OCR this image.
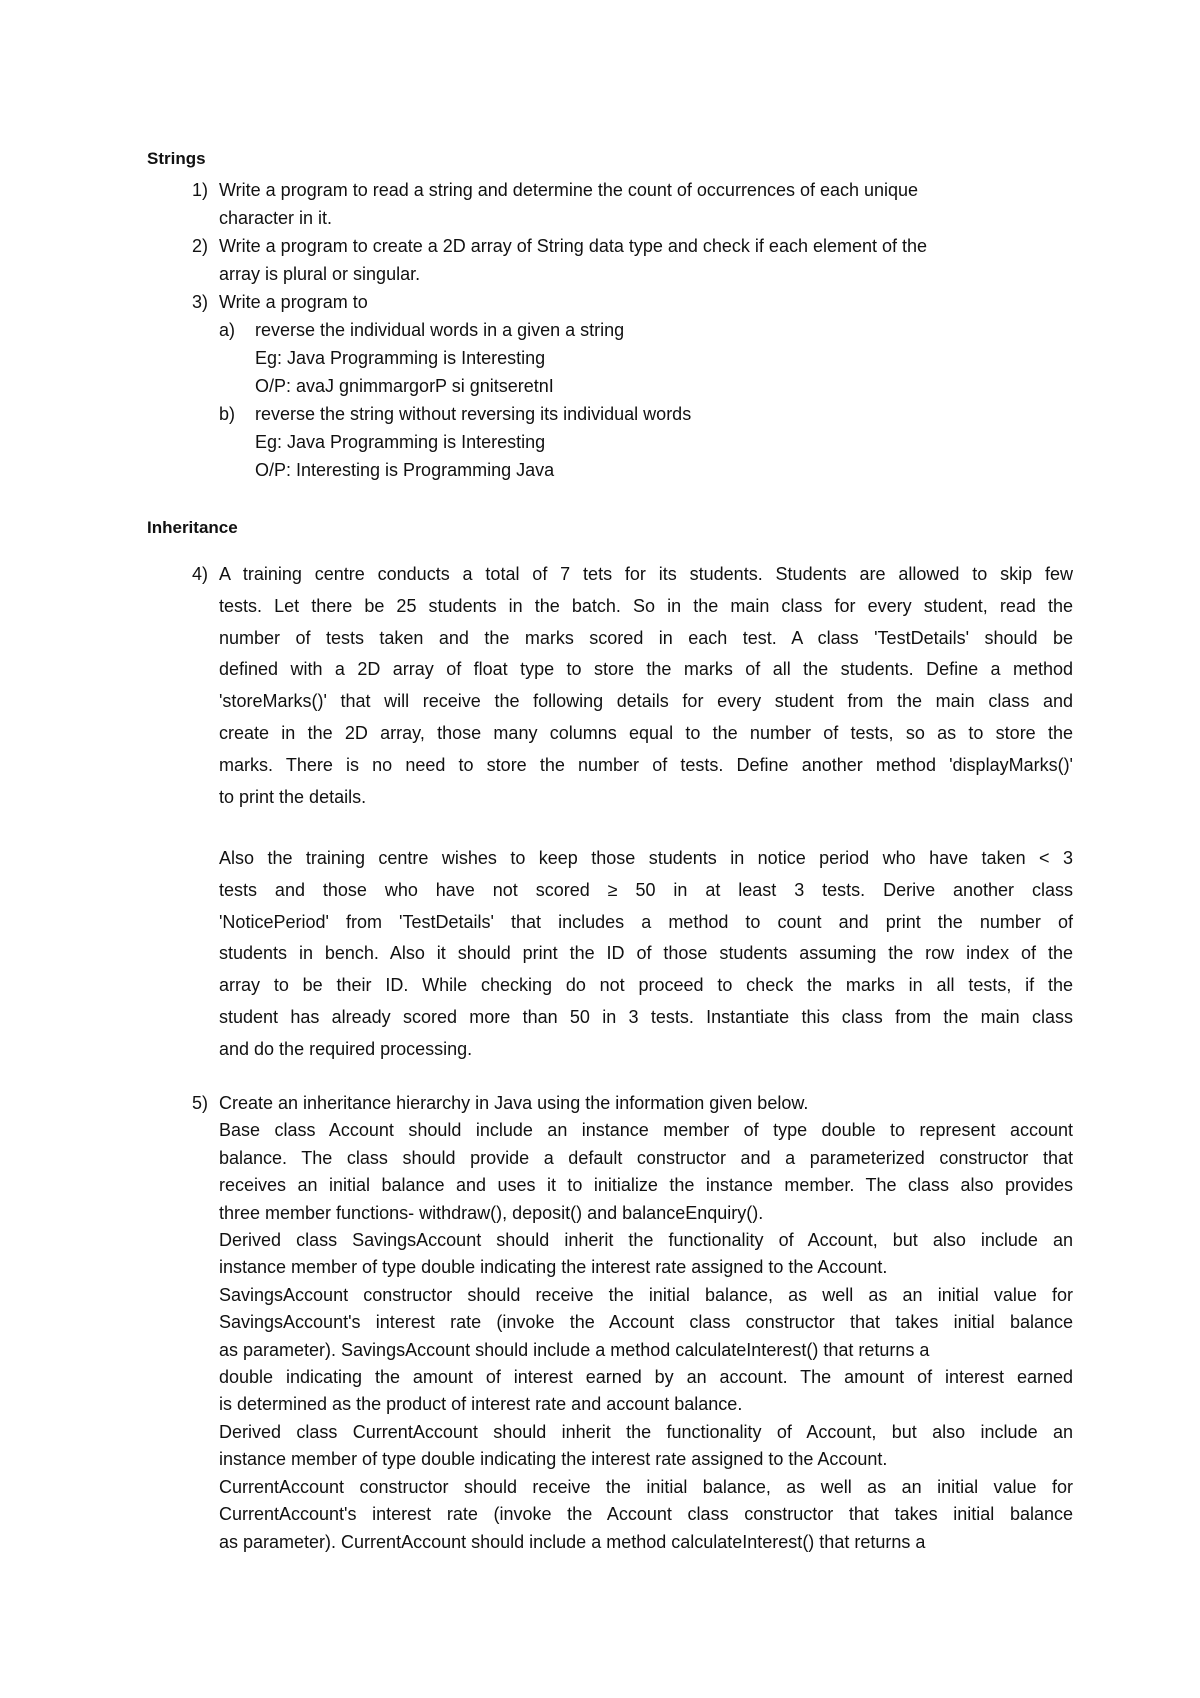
Strings
1) Write a program to read a string and determine the count of occurrences of each unique
character in it.
2) Write a program to create a 2D array of String data type and check if each element of the
array is plural or singular.
3) Write a program to
a) reverse the individual words in a given a string
Eg: Java Programming is Interesting
O/P: avaJ gnimmargorP si gnitseretnI
b) reverse the string without reversing its individual words
Eg: Java Programming is Interesting
O/P: Interesting is Programming Java
Inheritance
4) A training centre conducts a total of 7 tets for its students. Students are allowed to skip few
tests. Let there be 25 students in the batch. So in the main class for every student, read the
number of tests taken and the marks scored in each test. A class 'TestDetails' should be
defined with a 2D array of float type to store the marks of all the students. Define a method
'storeMarks()' that will receive the following details for every student from the main class and
create in the 2D array, those many columns equal to the number of tests, so as to store the
marks. There is no need to store the number of tests. Define another method 'displayMarks()'
to print the details.
Also the training centre wishes to keep those students in notice period who have taken < 3
tests and those who have not scored ≥ 50 in at least 3 tests. Derive another class
'NoticePeriod' from 'TestDetails' that includes a method to count and print the number of
students in bench. Also it should print the ID of those students assuming the row index of the
array to be their ID. While checking do not proceed to check the marks in all tests, if the
student has already scored more than 50 in 3 tests. Instantiate this class from the main class
and do the required processing.
5) Create an inheritance hierarchy in Java using the information given below.
Base class Account should include an instance member of type double to represent account
balance. The class should provide a default constructor and a parameterized constructor that
receives an initial balance and uses it to initialize the instance member. The class also provides
three member functions- withdraw(), deposit() and balanceEnquiry().
Derived class SavingsAccount should inherit the functionality of Account, but also include an
instance member of type double indicating the interest rate assigned to the Account.
SavingsAccount constructor should receive the initial balance, as well as an initial value for
SavingsAccount's interest rate (invoke the Account class constructor that takes initial balance
as parameter). SavingsAccount should include a method calculateInterest() that returns a
double indicating the amount of interest earned by an account. The amount of interest earned
is determined as the product of interest rate and account balance.
Derived class CurrentAccount should inherit the functionality of Account, but also include an
instance member of type double indicating the interest rate assigned to the Account.
CurrentAccount constructor should receive the initial balance, as well as an initial value for
CurrentAccount's interest rate (invoke the Account class constructor that takes initial balance
as parameter). CurrentAccount should include a method calculateInterest() that returns a
